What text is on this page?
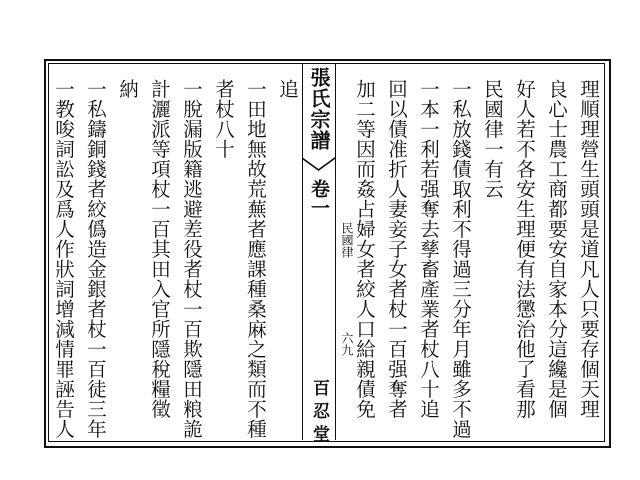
理順理營生頭頭是道凡人只要存個天理
良心士農工商都要安自家本分這纔是個
好人若不各安生理便有法懲治他了看那
民國律一有云
一私放錢債取利不得過三分年月雖多不過
一本一利若强奪去孳畜產業者杖八十追
回以債准折人妻妾子女者杖一百强奪者
加二等因而姦占婦女者絞人口給親債免
張氏宗譜
卷一
百忍堂
民國律
六九
追
一田地無故荒蕪者應課種桑麻之類而不種
者杖八十
一脫漏版籍逃避差役者杖一百欺隱田粮詭
計灑派等項杖一百其田入官所隱稅糧徵
納
一私鑄銅錢者絞僞造金銀者杖一百徒三年
一教唆詞訟及爲人作狀詞增減情罪誣告人
